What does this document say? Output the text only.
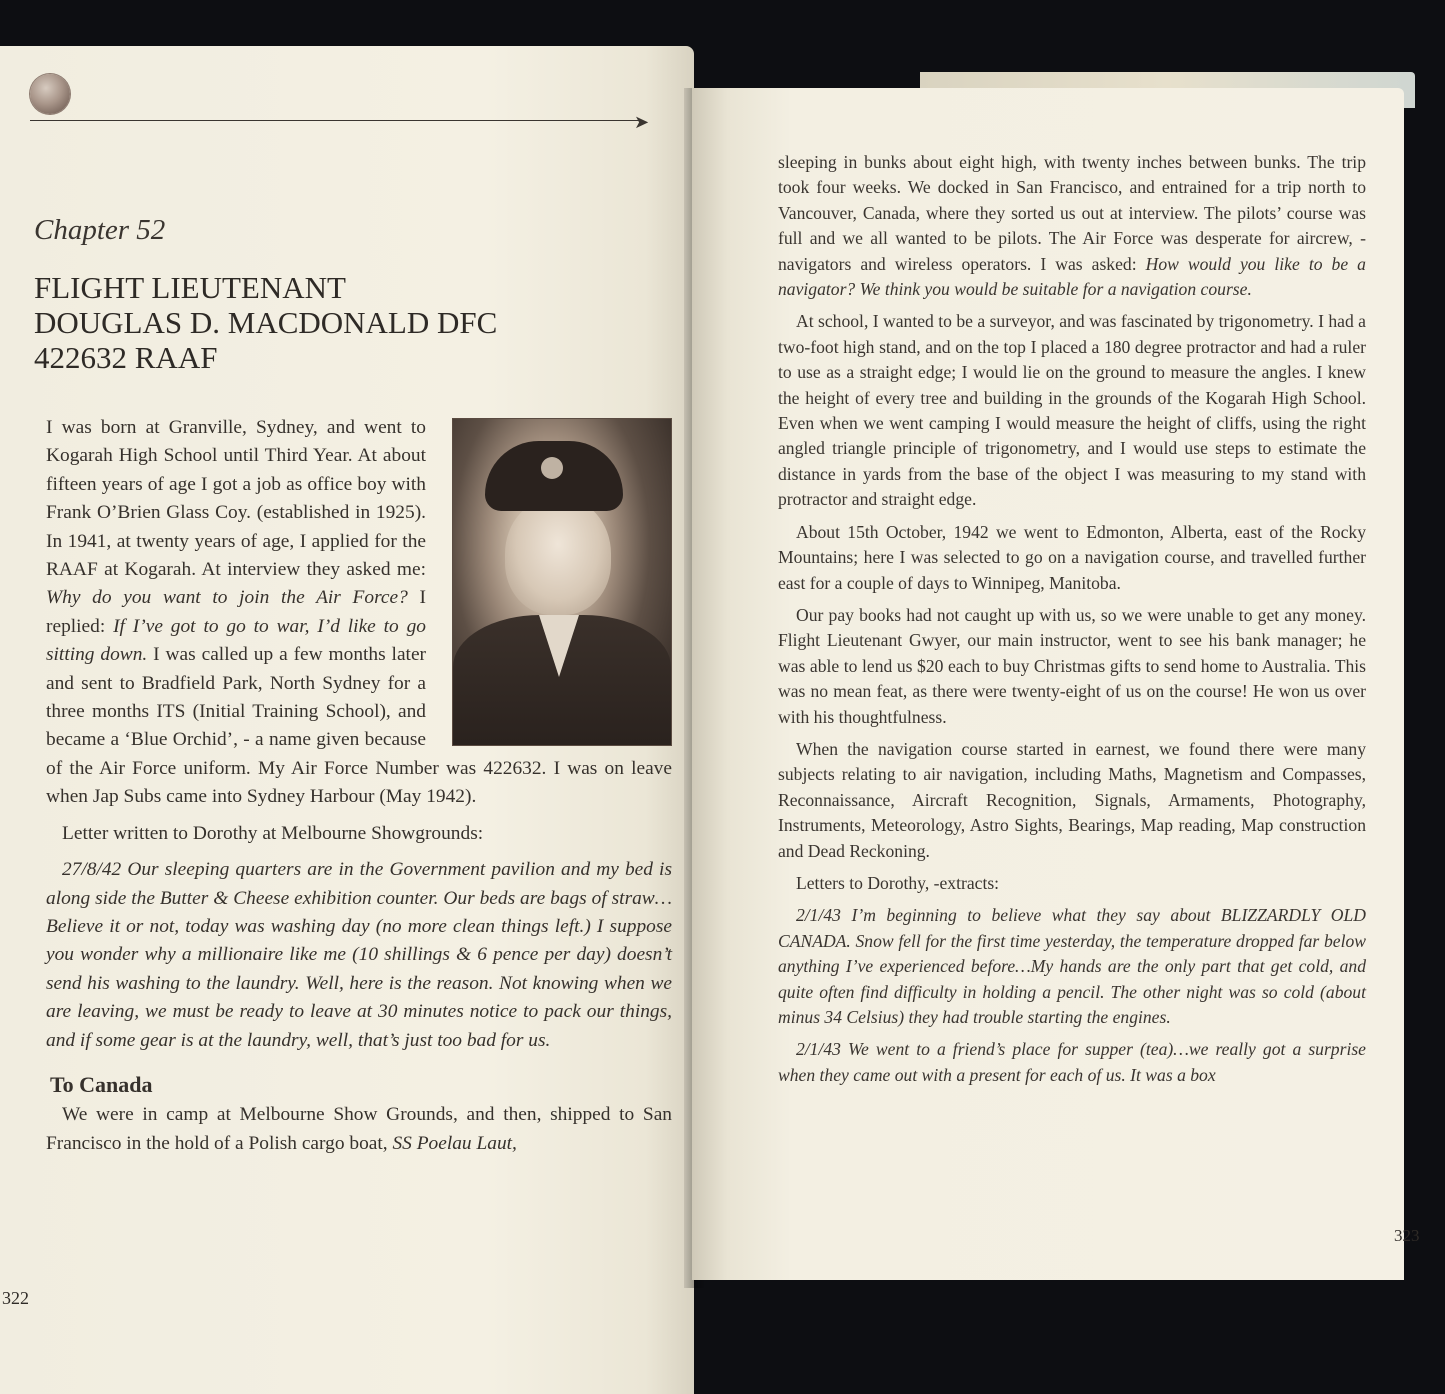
➤
Chapter 52
FLIGHT LIEUTENANT
DOUGLAS D. MACDONALD DFC
422632 RAAF

I was born at Granville, Sydney, and went to Kogarah High School until Third Year. At about fifteen years of age I got a job as office boy with Frank O’Brien Glass Coy. (established in 1925). In 1941, at twenty years of age, I applied for the RAAF at Kogarah. At interview they asked me: Why do you want to join the Air Force? I replied: If I’ve got to go to war, I’d like to go sitting down. I was called up a few months later and sent to Bradfield Park, North Sydney for a three months ITS (Initial Training School), and became a ‘Blue Orchid’, - a name given because of the Air Force uniform. My Air Force Number was 422632. I was on leave when Jap Subs came into Sydney Harbour (May 1942).

Letter written to Dorothy at Melbourne Showgrounds:

27/8/42 Our sleeping quarters are in the Government pavilion and my bed is along side the Butter & Cheese exhibition counter. Our beds are bags of straw…Believe it or not, today was washing day (no more clean things left.) I suppose you wonder why a millionaire like me (10 shillings & 6 pence per day) doesn’t send his washing to the laundry. Well, here is the reason. Not knowing when we are leaving, we must be ready to leave at 30 minutes notice to pack our things, and if some gear is at the laundry, well, that’s just too bad for us.

To Canada

We were in camp at Melbourne Show Grounds, and then, shipped to San Francisco in the hold of a Polish cargo boat, SS Poelau Laut,

322

sleeping in bunks about eight high, with twenty inches between bunks. The trip took four weeks. We docked in San Francisco, and entrained for a trip north to Vancouver, Canada, where they sorted us out at interview. The pilots’ course was full and we all wanted to be pilots. The Air Force was desperate for aircrew, - navigators and wireless operators. I was asked: How would you like to be a navigator? We think you would be suitable for a navigation course.

At school, I wanted to be a surveyor, and was fascinated by trigonometry. I had a two-foot high stand, and on the top I placed a 180 degree protractor and had a ruler to use as a straight edge; I would lie on the ground to measure the angles. I knew the height of every tree and building in the grounds of the Kogarah High School. Even when we went camping I would measure the height of cliffs, using the right angled triangle principle of trigonometry, and I would use steps to estimate the distance in yards from the base of the object I was measuring to my stand with protractor and straight edge.

About 15th October, 1942 we went to Edmonton, Alberta, east of the Rocky Mountains; here I was selected to go on a navigation course, and travelled further east for a couple of days to Winnipeg, Manitoba.

Our pay books had not caught up with us, so we were unable to get any money. Flight Lieutenant Gwyer, our main instructor, went to see his bank manager; he was able to lend us $20 each to buy Christmas gifts to send home to Australia. This was no mean feat, as there were twenty-eight of us on the course! He won us over with his thoughtfulness.

When the navigation course started in earnest, we found there were many subjects relating to air navigation, including Maths, Magnetism and Compasses, Reconnaissance, Aircraft Recognition, Signals, Armaments, Photography, Instruments, Meteorology, Astro Sights, Bearings, Map reading, Map construction and Dead Reckoning.

Letters to Dorothy, -extracts:

2/1/43 I’m beginning to believe what they say about BLIZZARDLY OLD CANADA. Snow fell for the first time yesterday, the temperature dropped far below anything I’ve experienced before…My hands are the only part that get cold, and quite often find difficulty in holding a pencil. The other night was so cold (about minus 34 Celsius) they had trouble starting the engines.

2/1/43 We went to a friend’s place for supper (tea)…we really got a surprise when they came out with a present for each of us. It was a box

323
